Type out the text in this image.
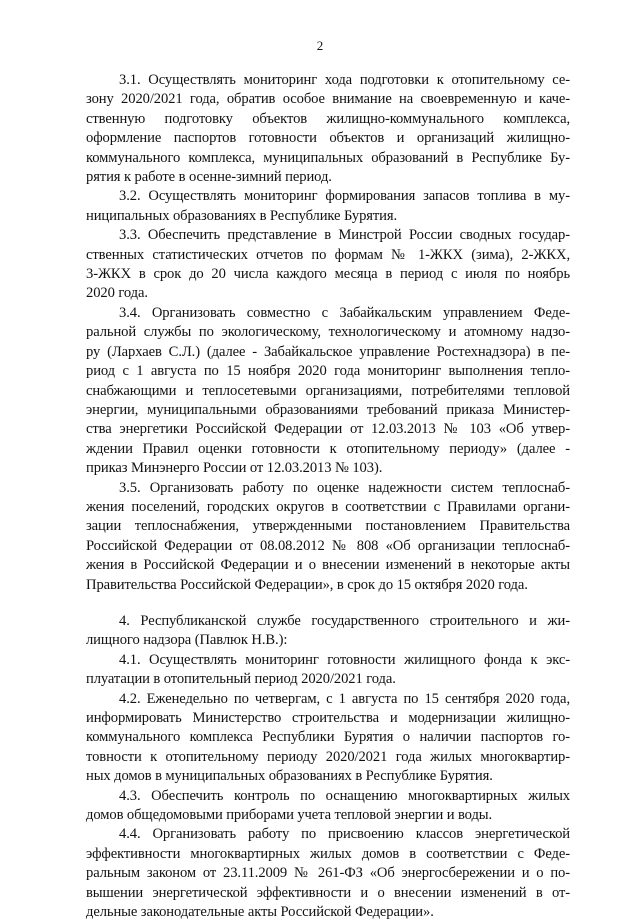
2
3.1. Осуществлять мониторинг хода подготовки к отопительному се-
зону 2020/2021 года, обратив особое внимание на своевременную и каче-
ственную подготовку объектов жилищно-коммунального комплекса,
оформление паспортов готовности объектов и организаций жилищно-
коммунального комплекса, муниципальных образований в Республике Бу-
рятия к работе в осенне-зимний период.
3.2. Осуществлять мониторинг формирования запасов топлива в му-
ниципальных образованиях в Республике Бурятия.
3.3. Обеспечить представление в Минстрой России сводных государ-
ственных статистических отчетов по формам № 1-ЖКХ (зима), 2-ЖКХ,
3-ЖКХ в срок до 20 числа каждого месяца в период с июля по ноябрь
2020 года.
3.4. Организовать совместно с Забайкальским управлением Феде-
ральной службы по экологическому, технологическому и атомному надзо-
ру (Лархаев С.Л.) (далее - Забайкальское управление Ростехнадзора) в пе-
риод с 1 августа по 15 ноября 2020 года мониторинг выполнения тепло-
снабжающими и теплосетевыми организациями, потребителями тепловой
энергии, муниципальными образованиями требований приказа Министер-
ства энергетики Российской Федерации от 12.03.2013 № 103 «Об утвер-
ждении Правил оценки готовности к отопительному периоду» (далее -
приказ Минэнерго России от 12.03.2013 № 103).
3.5. Организовать работу по оценке надежности систем теплоснаб-
жения поселений, городских округов в соответствии с Правилами органи-
зации теплоснабжения, утвержденными постановлением Правительства
Российской Федерации от 08.08.2012 № 808 «Об организации теплоснаб-
жения в Российской Федерации и о внесении изменений в некоторые акты
Правительства Российской Федерации», в срок до 15 октября 2020 года.
4. Республиканской службе государственного строительного и жи-
лищного надзора (Павлюк Н.В.):
4.1. Осуществлять мониторинг готовности жилищного фонда к экс-
плуатации в отопительный период 2020/2021 года.
4.2. Еженедельно по четвергам, с 1 августа по 15 сентября 2020 года,
информировать Министерство строительства и модернизации жилищно-
коммунального комплекса Республики Бурятия о наличии паспортов го-
товности к отопительному периоду 2020/2021 года жилых многоквартир-
ных домов в муниципальных образованиях в Республике Бурятия.
4.3. Обеспечить контроль по оснащению многоквартирных жилых
домов общедомовыми приборами учета тепловой энергии и воды.
4.4. Организовать работу по присвоению классов энергетической
эффективности многоквартирных жилых домов в соответствии с Феде-
ральным законом от 23.11.2009 № 261-ФЗ «Об энергосбережении и о по-
вышении энергетической эффективности и о внесении изменений в от-
дельные законодательные акты Российской Федерации».
